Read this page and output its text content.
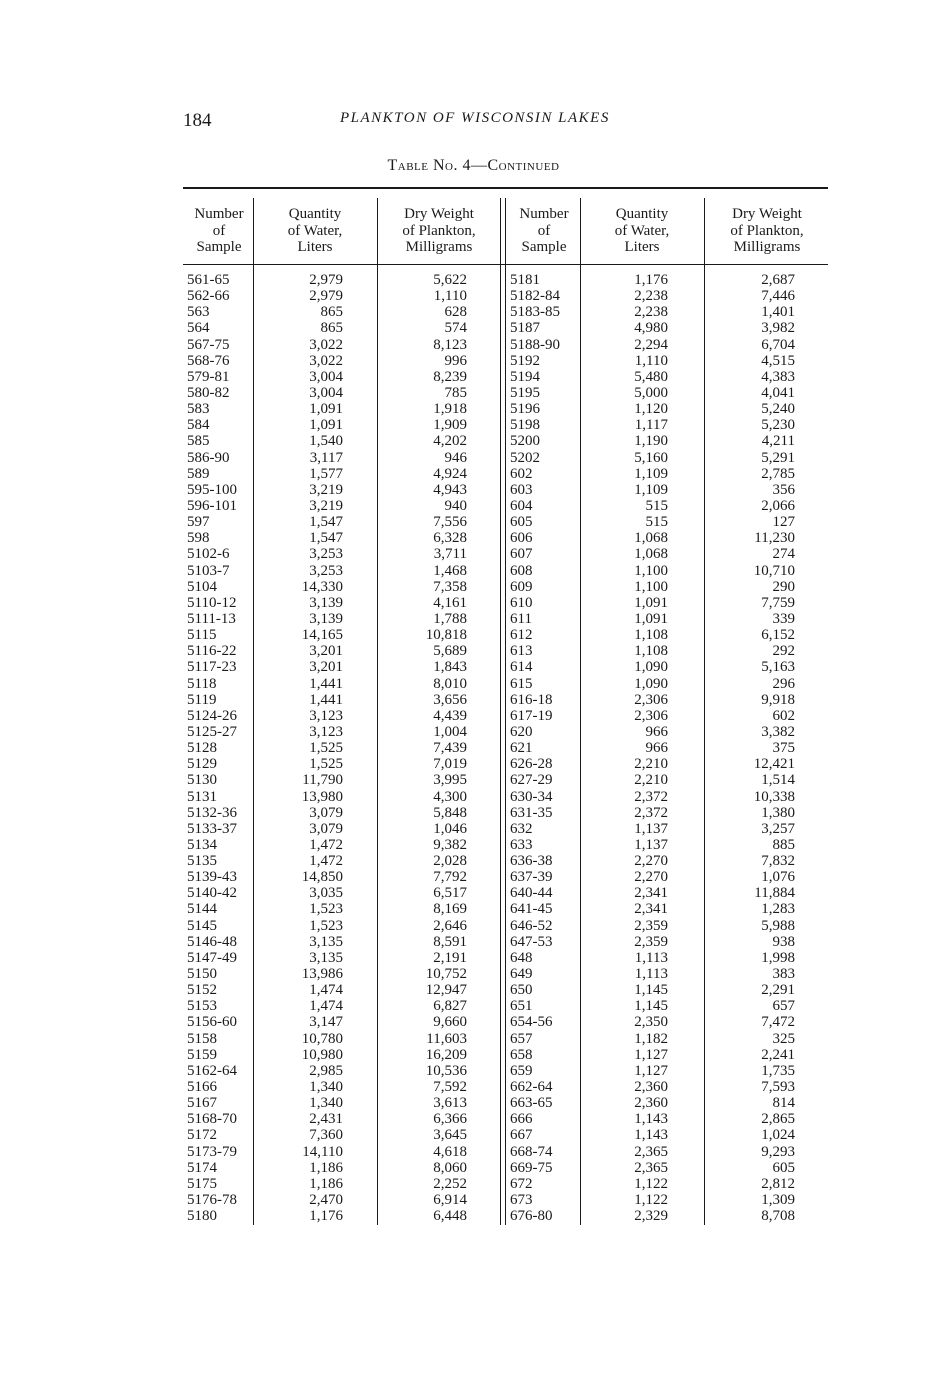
184	PLANKTON OF WISCONSIN LAKES
Table No. 4—Continued
Number
of
Sample
Quantity
of Water,
Liters
Dry Weight
of Plankton,
Milligrams
Number
of
Sample
Quantity
of Water,
Liters
Dry Weight
of Plankton,
Milligrams
561-65
562-66
563
564
567-75
568-76
579-81
580-82
583
584
585
586-90
589
595-100
596-101
597
598
5102-6
5103-7
5104
5110-12
5111-13
5115
5116-22
5117-23
5118
5119
5124-26
5125-27
5128
5129
5130
5131
5132-36
5133-37
5134
5135
5139-43
5140-42
5144
5145
5146-48
5147-49
5150
5152
5153
5156-60
5158
5159
5162-64
5166
5167
5168-70
5172
5173-79
5174
5175
5176-78
5180
2,979
2,979
865
865
3,022
3,022
3,004
3,004
1,091
1,091
1,540
3,117
1,577
3,219
3,219
1,547
1,547
3,253
3,253
14,330
3,139
3,139
14,165
3,201
3,201
1,441
1,441
3,123
3,123
1,525
1,525
11,790
13,980
3,079
3,079
1,472
1,472
14,850
3,035
1,523
1,523
3,135
3,135
13,986
1,474
1,474
3,147
10,780
10,980
2,985
1,340
1,340
2,431
7,360
14,110
1,186
1,186
2,470
1,176
5,622
1,110
628
574
8,123
996
8,239
785
1,918
1,909
4,202
946
4,924
4,943
940
7,556
6,328
3,711
1,468
7,358
4,161
1,788
10,818
5,689
1,843
8,010
3,656
4,439
1,004
7,439
7,019
3,995
4,300
5,848
1,046
9,382
2,028
7,792
6,517
8,169
2,646
8,591
2,191
10,752
12,947
6,827
9,660
11,603
16,209
10,536
7,592
3,613
6,366
3,645
4,618
8,060
2,252
6,914
6,448
5181
5182-84
5183-85
5187
5188-90
5192
5194
5195
5196
5198
5200
5202
602
603
604
605
606
607
608
609
610
611
612
613
614
615
616-18
617-19
620
621
626-28
627-29
630-34
631-35
632
633
636-38
637-39
640-44
641-45
646-52
647-53
648
649
650
651
654-56
657
658
659
662-64
663-65
666
667
668-74
669-75
672
673
676-80
1,176
2,238
2,238
4,980
2,294
1,110
5,480
5,000
1,120
1,117
1,190
5,160
1,109
1,109
515
515
1,068
1,068
1,100
1,100
1,091
1,091
1,108
1,108
1,090
1,090
2,306
2,306
966
966
2,210
2,210
2,372
2,372
1,137
1,137
2,270
2,270
2,341
2,341
2,359
2,359
1,113
1,113
1,145
1,145
2,350
1,182
1,127
1,127
2,360
2,360
1,143
1,143
2,365
2,365
1,122
1,122
2,329
2,687
7,446
1,401
3,982
6,704
4,515
4,383
4,041
5,240
5,230
4,211
5,291
2,785
356
2,066
127
11,230
274
10,710
290
7,759
339
6,152
292
5,163
296
9,918
602
3,382
375
12,421
1,514
10,338
1,380
3,257
885
7,832
1,076
11,884
1,283
5,988
938
1,998
383
2,291
657
7,472
325
2,241
1,735
7,593
814
2,865
1,024
9,293
605
2,812
1,309
8,708
